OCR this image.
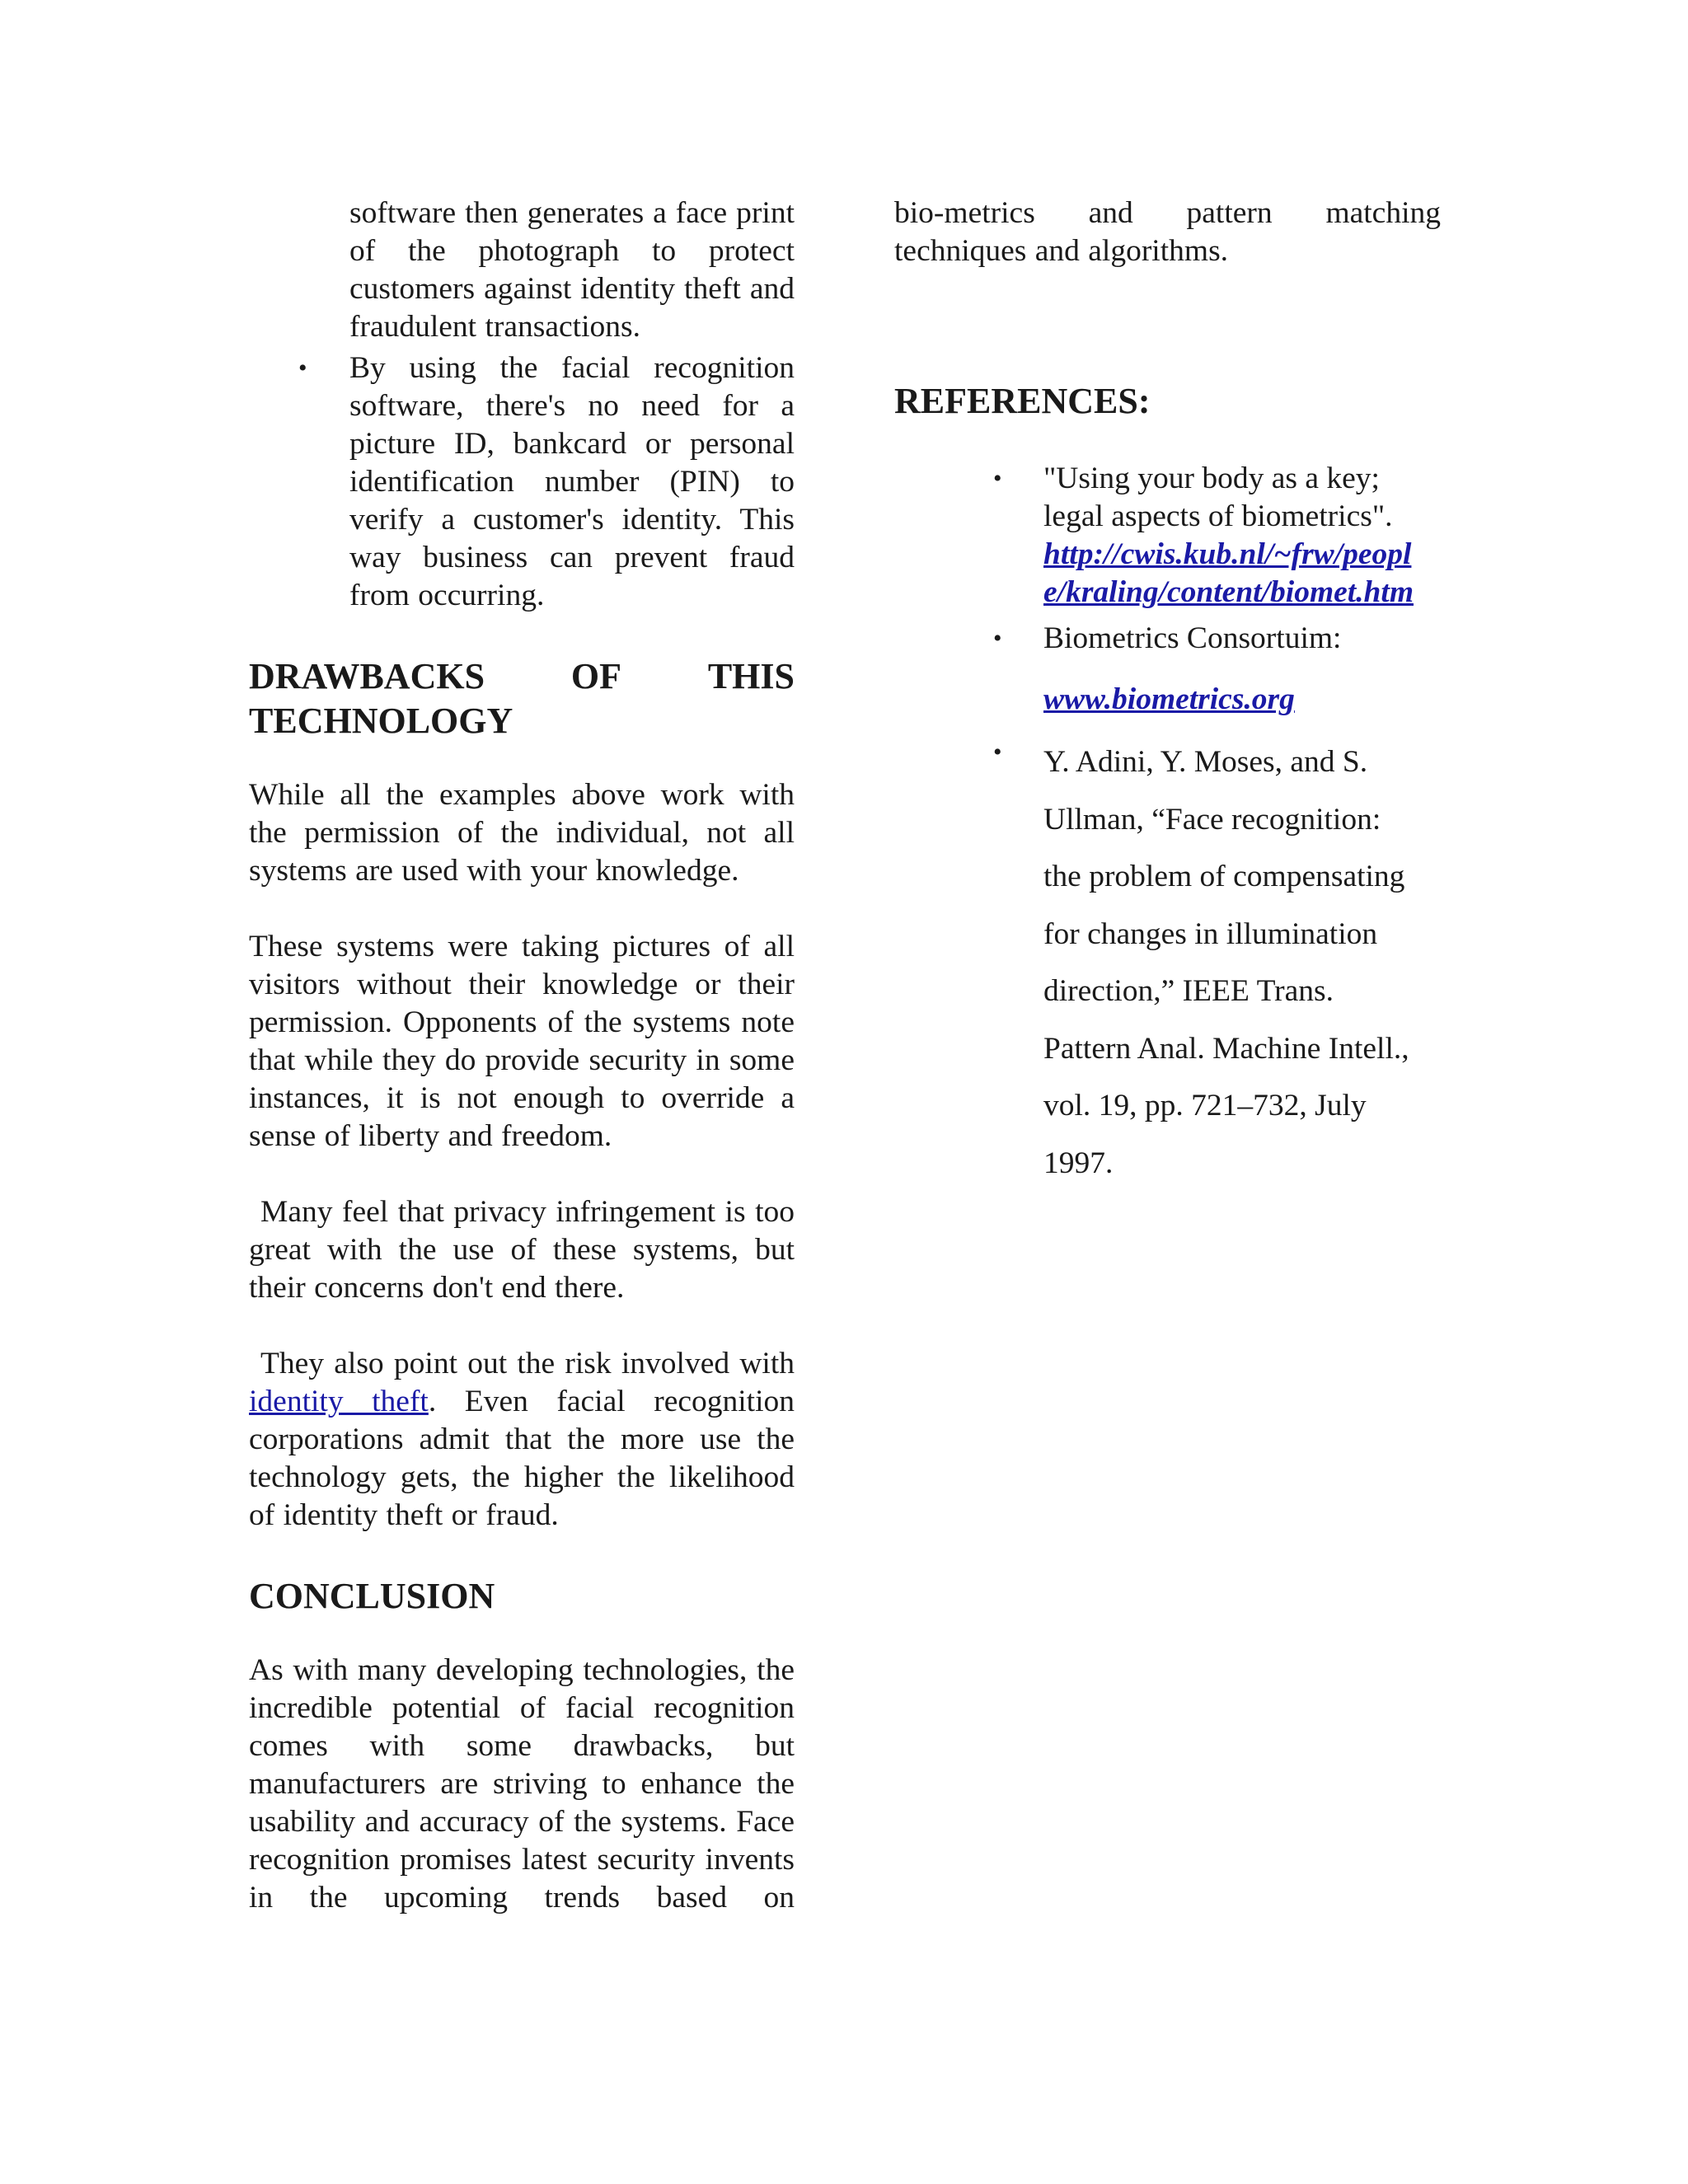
software then generates a face print of the photograph to protect customers against identity theft and fraudulent transactions.

• By using the facial recognition software, there's no need for a picture ID, bankcard or personal identification number (PIN) to verify a customer's identity. This way business can prevent fraud from occurring.

DRAWBACKS OF THIS
TECHNOLOGY

While all the examples above work with the permission of the individual, not all systems are used with your knowledge.

These systems were taking pictures of all visitors without their knowledge or their permission. Opponents of the systems note that while they do provide security in some instances, it is not enough to override a sense of liberty and freedom.

Many feel that privacy infringement is too great with the use of these systems, but their concerns don't end there.

They also point out the risk involved with identity theft. Even facial recognition corporations admit that the more use the technology gets, the higher the likelihood of identity theft or fraud.

CONCLUSION

As with many developing technologies, the incredible potential of facial recognition comes with some drawbacks, but manufacturers are striving to enhance the usability and accuracy of the systems. Face recognition promises latest security invents in the upcoming trends based on

bio-metrics and pattern matching techniques and algorithms.

REFERENCES:
• "Using your body as a key; legal aspects of biometrics".
http://cwis.kub.nl/~frw/people/kraling/content/biomet.htm
• Biometrics Consortuim:
www.biometrics.org
• Y. Adini, Y. Moses, and S. Ullman, “Face recognition: the problem of compensating for changes in illumination direction,” IEEE Trans. Pattern Anal. Machine Intell., vol. 19, pp. 721–732, July 1997.
